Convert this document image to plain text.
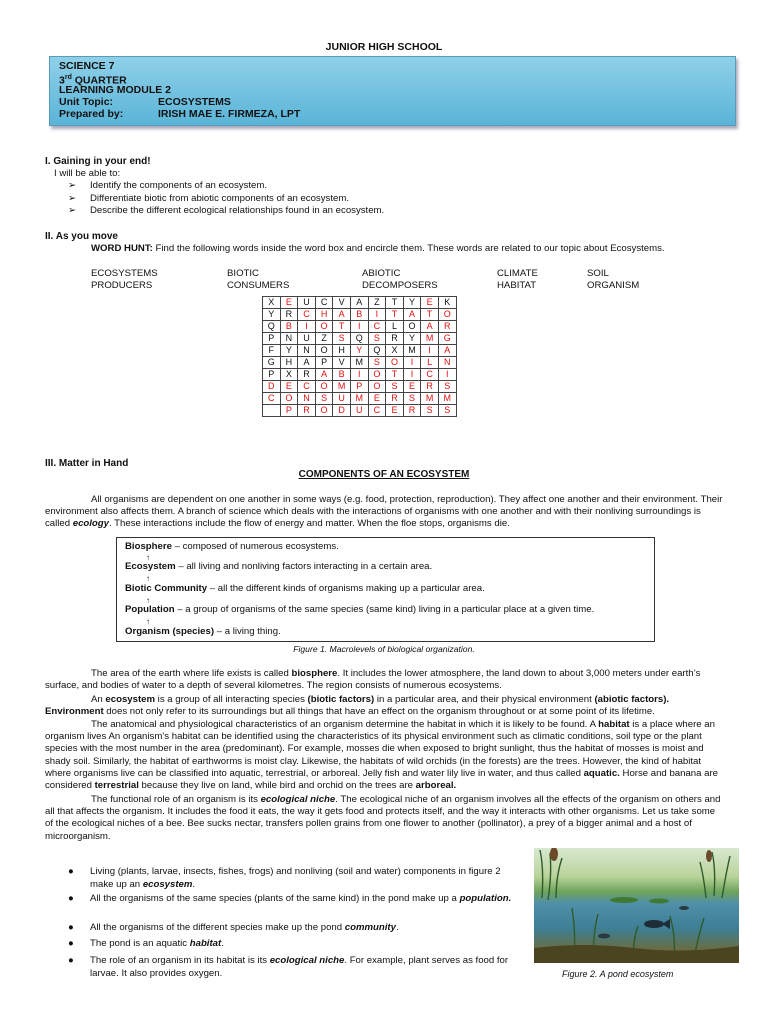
JUNIOR HIGH SCHOOL
SCIENCE 7
3rd QUARTER
LEARNING MODULE 2
Unit Topic:	ECOSYSTEMS
Prepared by:	IRISH MAE E. FIRMEZA, LPT
I. Gaining in your end!
I will be able to:
➢ Identify the components of an ecosystem.
➢ Differentiate biotic from abiotic components of an ecosystem.
➢ Describe the different ecological relationships found in an ecosystem.
II. As you move
WORD HUNT: Find the following words inside the word box and encircle them. These words are related to our topic about Ecosystems.
ECOSYSTEMS	BIOTIC	ABIOTIC	CLIMATE	SOIL
PRODUCERS	CONSUMERS	DECOMPOSERS	HABITAT	ORGANISM
X	E	U	C	V	A	Z	T	Y	E	K
Y	R	C	H	A	B	I	T	A	T	O
Q	B	I	O	T	I	C	L	O	A	R
P	N	U	Z	S	Q	S	R	Y	M	G
F	Y	N	O	H	Y	Q	X	M	I	A
G	H	A	P	V	M	S	O	I	L	N
P	X	R	A	B	I	O	T	I	C	I
D	E	C	O	M	P	O	S	E	R	S
C	O	N	S	U	M	E	R	S	M	M
	P	R	O	D	U	C	E	R	S	S
III. Matter in Hand
COMPONENTS OF AN ECOSYSTEM
All organisms are dependent on one another in some ways (e.g. food, protection, reproduction). They affect one another and their environment. Their environment also affects them. A branch of science which deals with the interactions of organisms with one another and with their nonliving surroundings is called ecology. These interactions include the flow of energy and matter. When the floe stops, organisms die.
Biosphere – composed of numerous ecosystems.
↑
Ecosystem – all living and nonliving factors interacting in a certain area.
↑
Biotic Community – all the different kinds of organisms making up a particular area.
↑
Population – a group of organisms of the same species (same kind) living in a particular place at a given time.
↑
Organism (species) – a living thing.
Figure 1. Macrolevels of biological organization.
The area of the earth where life exists is called biosphere. It includes the lower atmosphere, the land down to about 3,000 meters under earth’s surface, and bodies of water to a depth of several kilometres. The region consists of numerous ecosystems.
An ecosystem is a group of all interacting species (biotic factors) in a particular area, and their physical environment (abiotic factors). Environment does not only refer to its surroundings but all things that have an effect on the organism throughout or at some point of its lifetime.
The anatomical and physiological characteristics of an organism determine the habitat in which it is likely to be found. A habitat is a place where an organism lives An organism’s habitat can be identified using the characteristics of its physical environment such as climatic conditions, soil type or the plant species with the most number in the area (predominant). For example, mosses die when exposed to bright sunlight, thus the habitat of mosses is moist and shady soil. Similarly, the habitat of earthworms is moist clay. Likewise, the habitats of wild orchids (in the forests) are the trees. However, the kind of habitat where organisms live can be classified into aquatic, terrestrial, or arboreal. Jelly fish and water lily live in water, and thus called aquatic. Horse and banana are considered terrestrial because they live on land, while bird and orchid on the trees are arboreal.
The functional role of an organism is its ecological niche. The ecological niche of an organism involves all the effects of the organism on others and all that affects the organism. It includes the food it eats, the way it gets food and protects itself, and the way it interacts with other organisms. Let us take some of the ecological niches of a bee. Bee sucks nectar, transfers pollen grains from one flower to another (pollinator), a prey of a bigger animal and a host of microorganism.
● Living (plants, larvae, insects, fishes, frogs) and nonliving (soil and water) components in figure 2 make up an ecosystem.
● All the organisms of the same species (plants of the same kind) in the pond make up a population.
● All the organisms of the different species make up the pond community.
● The pond is an aquatic habitat.
● The role of an organism in its habitat is its ecological niche. For example, plant serves as food for larvae. It also provides oxygen.	Figure 2. A pond ecosystem
